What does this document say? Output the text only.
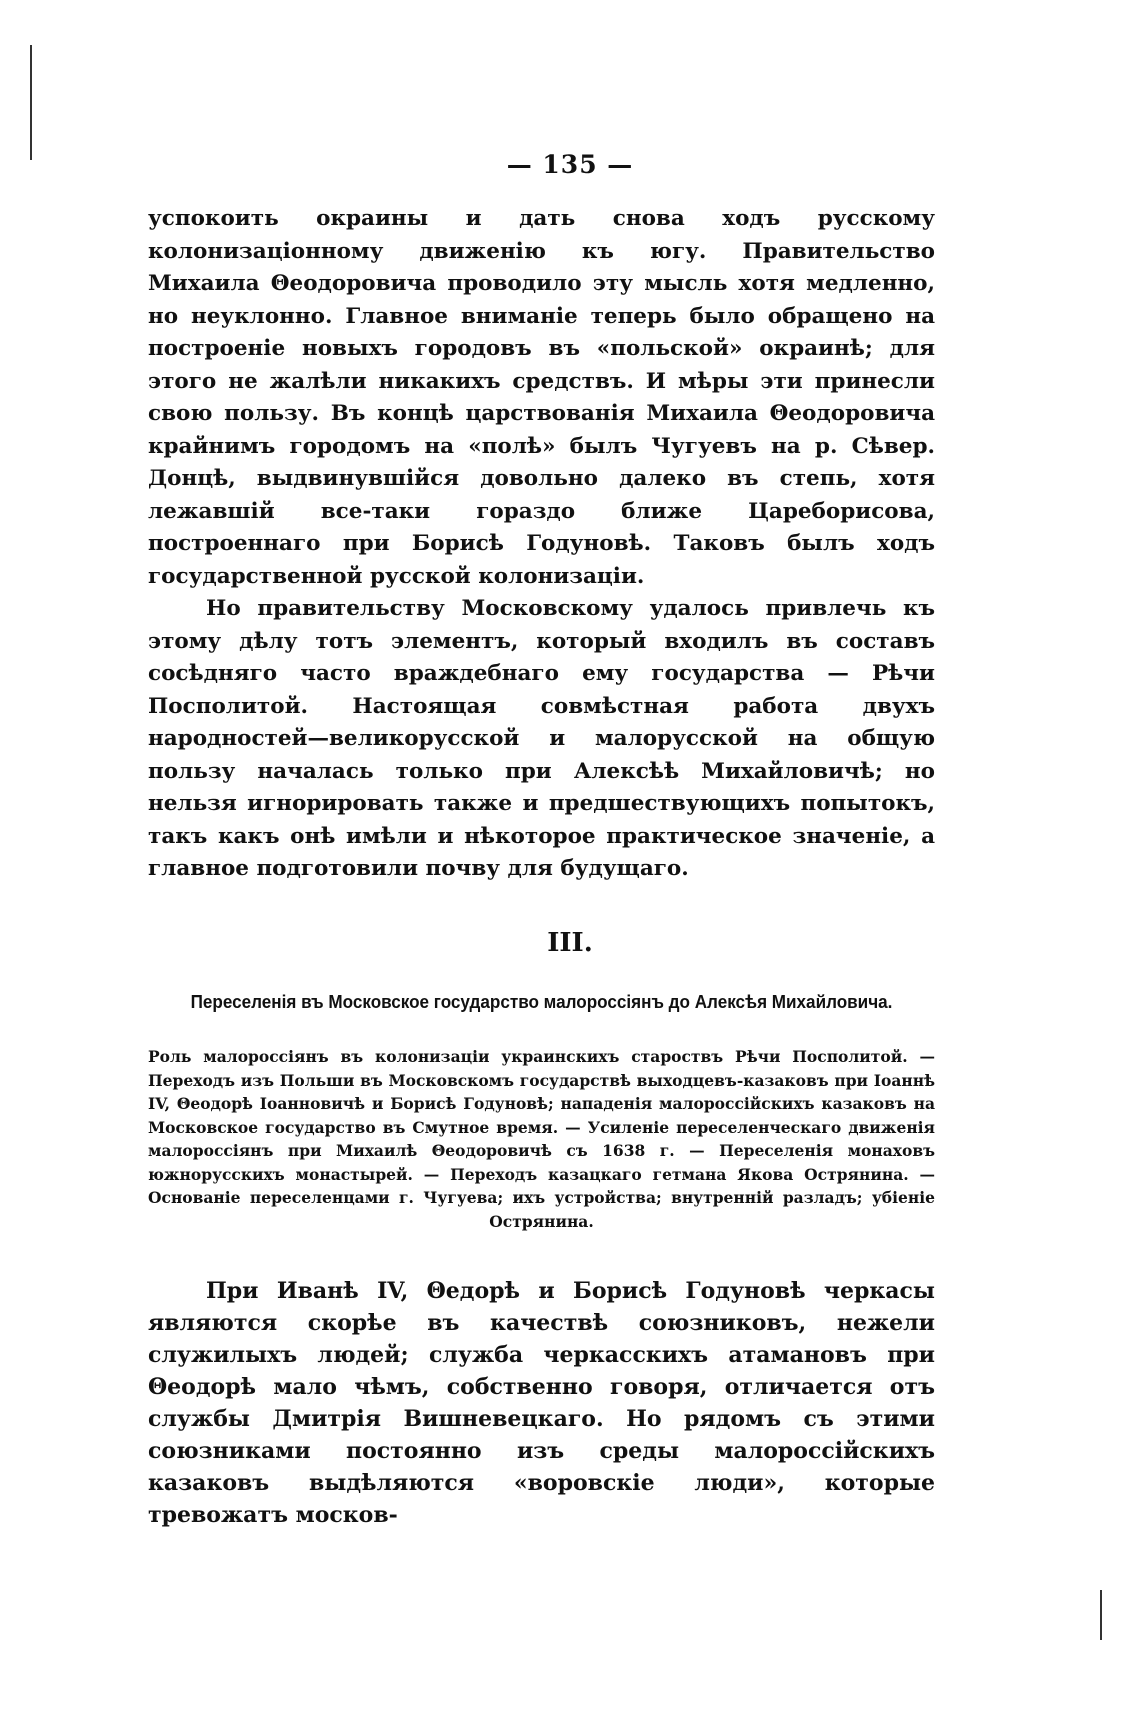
— 135 —

успокоить окраины и дать снова ходъ русскому колонизаціонному движенію къ югу. Правительство Михаила Θеодоровича проводило эту мысль хотя медленно, но неуклонно. Главное вниманіе теперь было обращено на построеніе новыхъ городовъ въ «польской» окраинѣ; для этого не жалѣли никакихъ средствъ. И мѣры эти принесли свою пользу. Въ концѣ царствованія Михаила Θеодоровича крайнимъ городомъ на «полѣ» былъ Чугуевъ на р. Сѣвер. Донцѣ, выдвинувшійся довольно далеко въ степь, хотя лежавшій все-таки гораздо ближе Цареборисова, построеннаго при Борисѣ Годуновѣ. Таковъ былъ ходъ государственной русской колонизаціи.

Но правительству Московскому удалось привлечь къ этому дѣлу тотъ элементъ, который входилъ въ составъ сосѣдняго часто враждебнаго ему государства — Рѣчи Посполитой. Настоящая совмѣстная работа двухъ народностей—великорусской и малорусской на общую пользу началась только при Алексѣѣ Михайловичѣ; но нельзя игнорировать также и предшествующихъ попытокъ, такъ какъ онѣ имѣли и нѣкоторое практическое значеніе, а главное подготовили почву для будущаго.

III.
Переселенія въ Московское государство малороссіянъ до Алексѣя Михайловича.
Роль малороссіянъ въ колонизаціи украинскихъ староствъ Рѣчи Посполитой. — Переходъ изъ Польши въ Московскомъ государствѣ выходцевъ-казаковъ при Іоаннѣ IV, Θеодорѣ Іоанновичѣ и Борисѣ Годуновѣ; нападенія малороссійскихъ казаковъ на Московское государство въ Смутное время. — Усиленіе переселенческаго движенія малороссіянъ при Михаилѣ Θеодоровичѣ съ 1638 г. — Переселенія монаховъ южнорусскихъ монастырей. — Переходъ казацкаго гетмана Якова Острянина. — Основаніе переселенцами г. Чугуева; ихъ устройства; внутренній разладъ; убіеніе Острянина.

При Иванѣ IV, Θедорѣ и Борисѣ Годуновѣ черкасы являются скорѣе въ качествѣ союзниковъ, нежели служилыхъ людей; служба черкасскихъ атамановъ при Θеодорѣ мало чѣмъ, собственно говоря, отличается отъ службы Дмитрія Вишневецкаго. Но рядомъ съ этими союзниками постоянно изъ среды малороссійскихъ казаковъ выдѣляются «воровскіе люди», которые тревожатъ москов-
